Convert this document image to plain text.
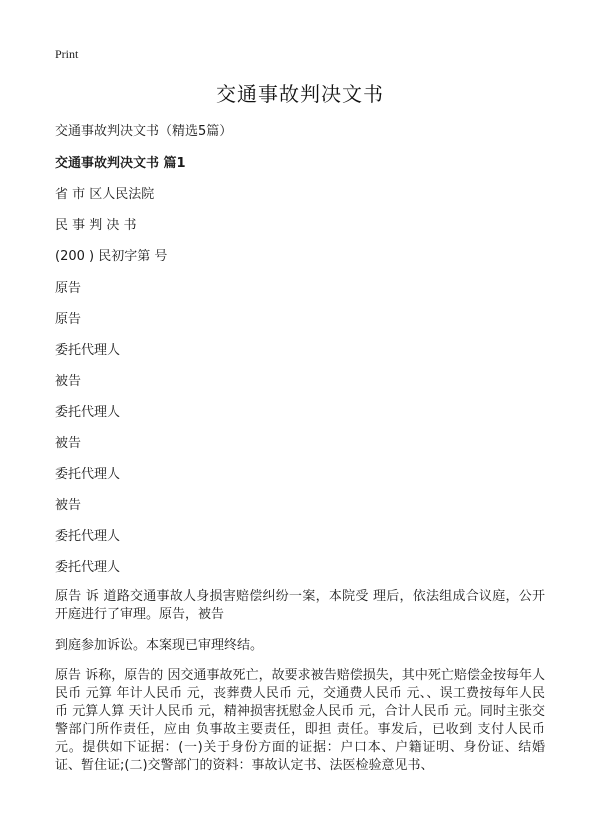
Print
交通事故判决文书
交通事故判决文书（精选5篇）
交通事故判决文书 篇1
省 市 区人民法院
民 事 判 决 书
(200 ) 民初字第 号
原告
原告
委托代理人
被告
委托代理人
被告
委托代理人
被告
委托代理人
委托代理人
原告 诉 道路交通事故人身损害赔偿纠纷一案，本院受 理后，依法组成合议庭，公开开庭进行了审理。原告，被告
到庭参加诉讼。本案现已审理终结。
原告 诉称，原告的 因交通事故死亡，故要求被告赔偿损失，其中死亡赔偿金按每年人民币 元算 年计人民币 元，丧葬费人民币 元，交通费人民币 元、、误工费按每年人民币 元算人算 天计人民币 元，精神损害抚慰金人民币 元，合计人民币 元。同时主张交警部门所作责任，应由 负事故主要责任，即担 责任。事发后，已收到 支付人民币 元。提供如下证据：(一)关于身份方面的证据：户口本、户籍证明、身份证、结婚证、暂住证;(二)交警部门的资料：事故认定书、法医检验意见书、
